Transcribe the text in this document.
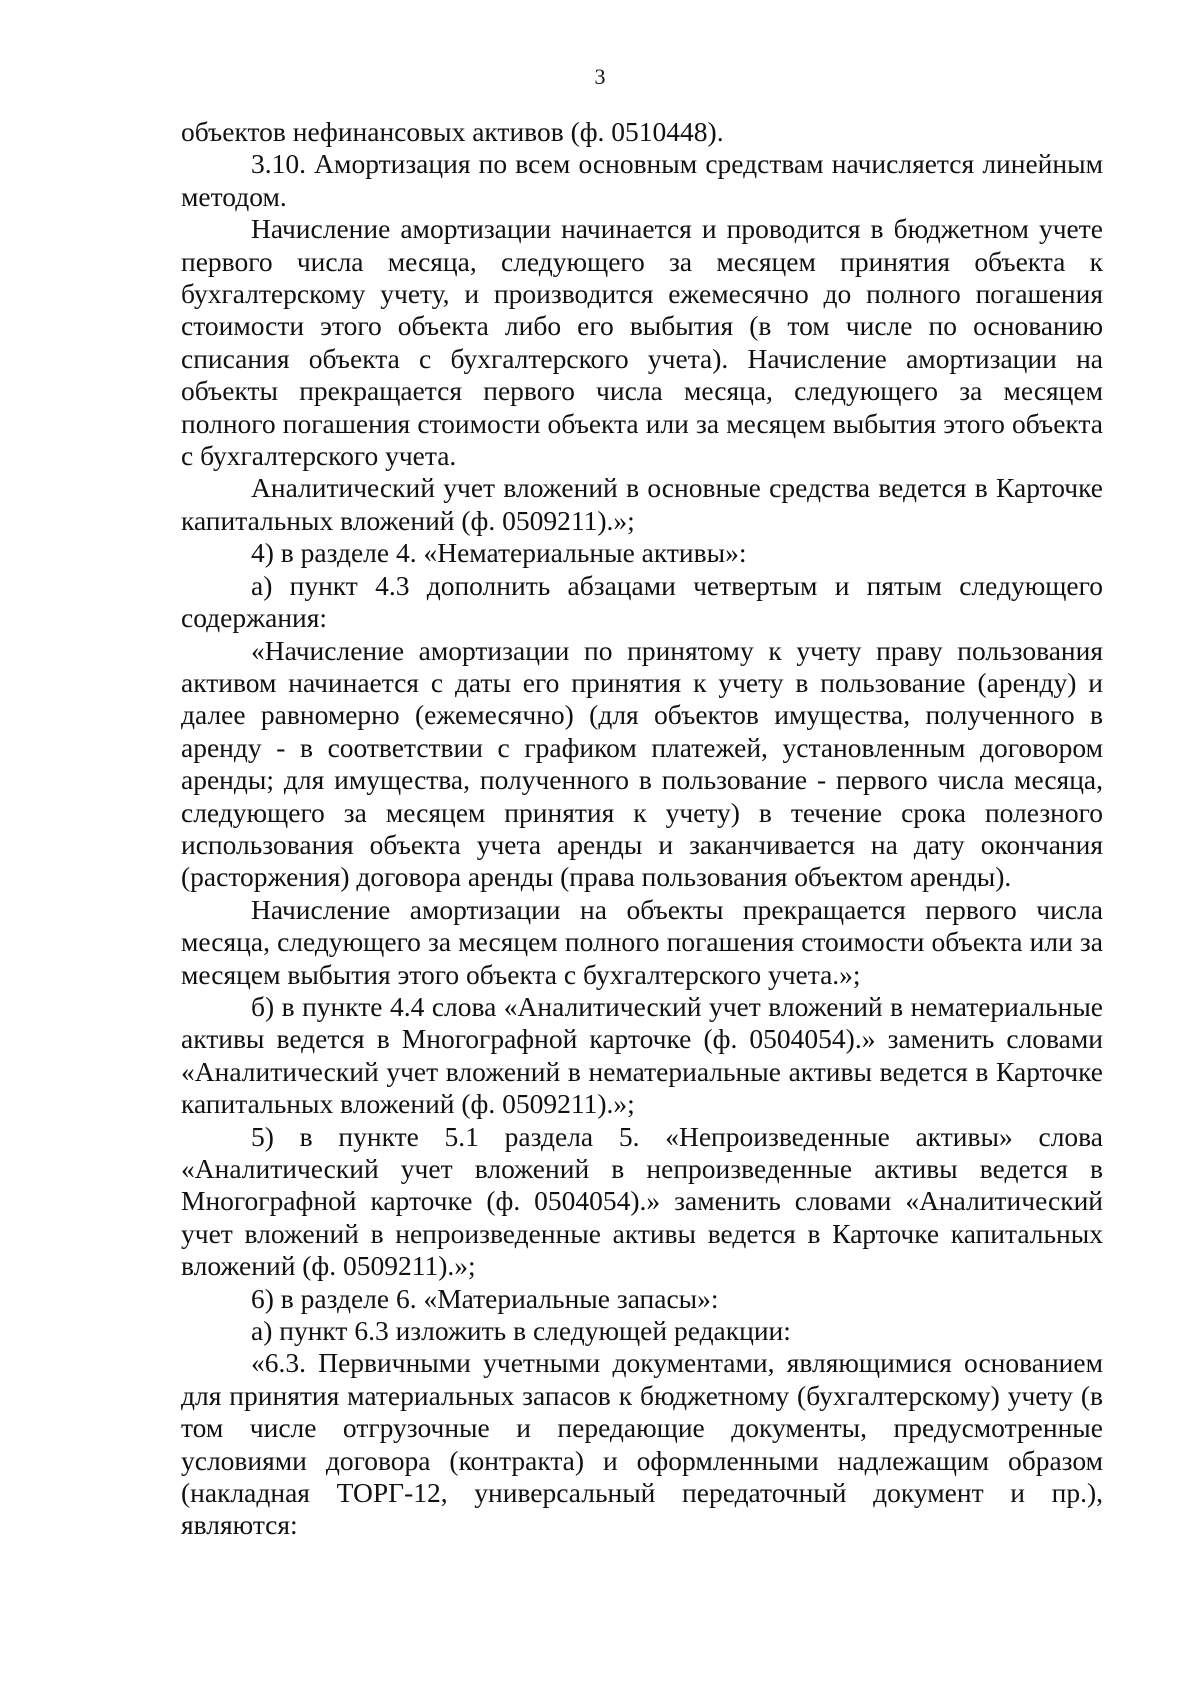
3

объектов нефинансовых активов (ф. 0510448).

3.10. Амортизация по всем основным средствам начисляется линейным методом.

Начисление амортизации начинается и проводится в бюджетном учете первого числа месяца, следующего за месяцем принятия объекта к бухгалтерскому учету, и производится ежемесячно до полного погашения стоимости этого объекта либо его выбытия (в том числе по основанию списания объекта с бухгалтерского учета). Начисление амортизации на объекты прекращается первого числа месяца, следующего за месяцем полного погашения стоимости объекта или за месяцем выбытия этого объекта с бухгалтерского учета.

Аналитический учет вложений в основные средства ведется в Карточке капитальных вложений (ф. 0509211).»;

4) в разделе 4. «Нематериальные активы»:

а) пункт 4.3 дополнить абзацами четвертым и пятым следующего содержания:

«Начисление амортизации по принятому к учету праву пользования активом начинается с даты его принятия к учету в пользование (аренду) и далее равномерно (ежемесячно) (для объектов имущества, полученного в аренду - в соответствии с графиком платежей, установленным договором аренды; для имущества, полученного в пользование - первого числа месяца, следующего за месяцем принятия к учету) в течение срока полезного использования объекта учета аренды и заканчивается на дату окончания (расторжения) договора аренды (права пользования объектом аренды).

Начисление амортизации на объекты прекращается первого числа месяца, следующего за месяцем полного погашения стоимости объекта или за месяцем выбытия этого объекта с бухгалтерского учета.»;

б) в пункте 4.4 слова «Аналитический учет вложений в нематериальные активы ведется в Многографной карточке (ф. 0504054).» заменить словами «Аналитический учет вложений в нематериальные активы ведется в Карточке капитальных вложений (ф. 0509211).»;

5) в пункте 5.1 раздела 5. «Непроизведенные активы» слова «Аналитический учет вложений в непроизведенные активы ведется в Многографной карточке (ф. 0504054).» заменить словами «Аналитический учет вложений в непроизведенные активы ведется в Карточке капитальных вложений (ф. 0509211).»;

6) в разделе 6. «Материальные запасы»:

а) пункт 6.3 изложить в следующей редакции:

«6.3. Первичными учетными документами, являющимися основанием для принятия материальных запасов к бюджетному (бухгалтерскому) учету (в том числе отгрузочные и передающие документы, предусмотренные условиями договора (контракта) и оформленными надлежащим образом (накладная ТОРГ-12, универсальный передаточный документ и пр.), являются:
